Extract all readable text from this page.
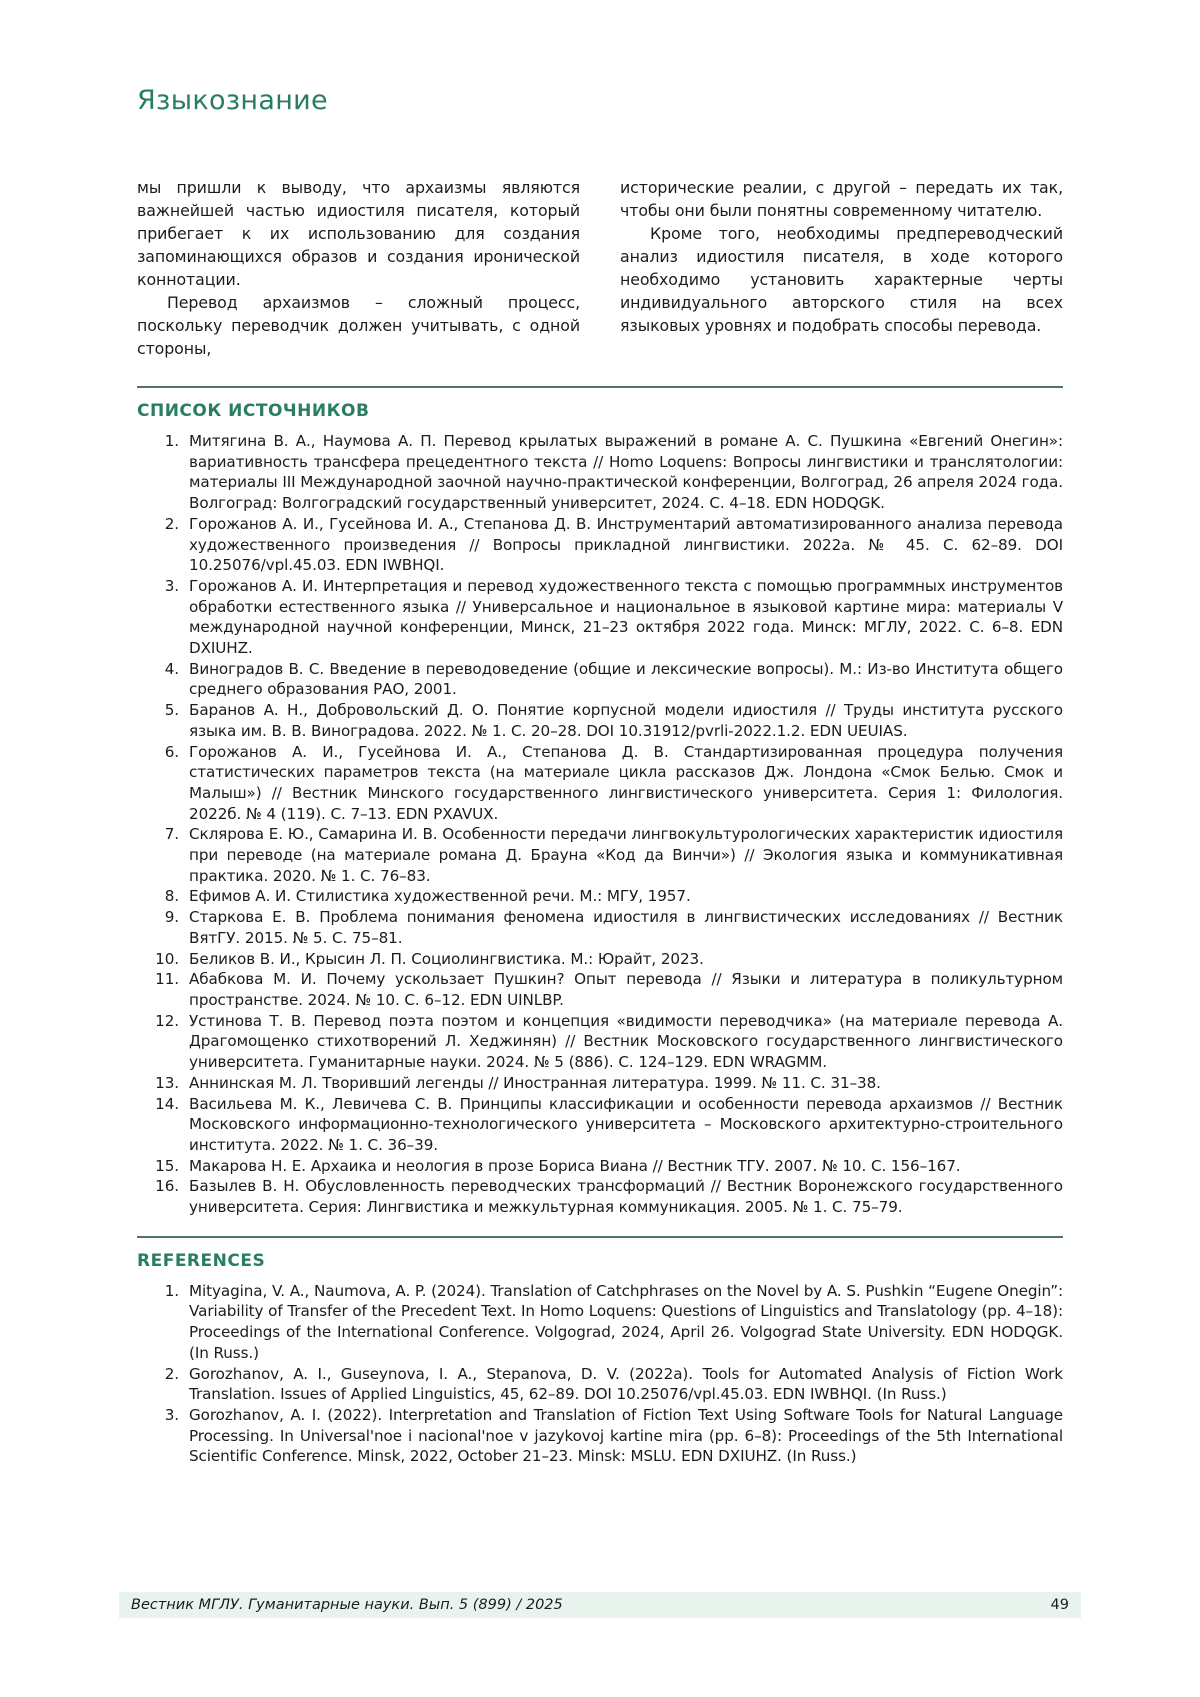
Языкознание

мы пришли к выводу, что архаизмы являются важнейшей частью идиостиля писателя, который прибегает к их использованию для создания запоминающихся образов и создания иронической коннотации.

Перевод архаизмов – сложный процесс, поскольку переводчик должен учитывать, с одной стороны,

исторические реалии, с другой – передать их так, чтобы они были понятны современному читателю.

Кроме того, необходимы предпереводческий анализ идиостиля писателя, в ходе которого необходимо установить характерные черты индивидуального авторского стиля на всех языковых уровнях и подобрать способы перевода.

СПИСОК ИСТОЧНИКОВ
Митягина В. А., Наумова А. П. Перевод крылатых выражений в романе А. С. Пушкина «Евгений Онегин»: вариативность трансфера прецедентного текста // Homo Loquens: Вопросы лингвистики и транслятологии: материалы III Международной заочной научно-практической конференции, Волгоград, 26 апреля 2024 года. Волгоград: Волгоградский государственный университет, 2024. С. 4–18. EDN HODQGK.
Горожанов А. И., Гусейнова И. А., Степанова Д. В. Инструментарий автоматизированного анализа перевода художественного произведения // Вопросы прикладной лингвистики. 2022a. № 45. С. 62–89. DOI 10.25076/vpl.45.03. EDN IWBHQI.
Горожанов А. И. Интерпретация и перевод художественного текста с помощью программных инструментов обработки естественного языка // Универсальное и национальное в языковой картине мира: материалы V международной научной конференции, Минск, 21–23 октября 2022 года. Минск: МГЛУ, 2022. С. 6–8. EDN DXIUHZ.
Виноградов В. С. Введение в переводоведение (общие и лексические вопросы). М.: Из-во Института общего среднего образования РАО, 2001.
Баранов А. Н., Добровольский Д. О. Понятие корпусной модели идиостиля // Труды института русского языка им. В. В. Виноградова. 2022. № 1. С. 20–28. DOI 10.31912/pvrli-2022.1.2. EDN UEUIAS.
Горожанов А. И., Гусейнова И. А., Степанова Д. В. Стандартизированная процедура получения статистических параметров текста (на материале цикла рассказов Дж. Лондона «Смок Белью. Смок и Малыш») // Вестник Минского государственного лингвистического университета. Серия 1: Филология. 2022б. № 4 (119). С. 7–13. EDN PXAVUX.
Склярова Е. Ю., Самарина И. В. Особенности передачи лингвокультурологических характеристик идиостиля при переводе (на материале романа Д. Брауна «Код да Винчи») // Экология языка и коммуникативная практика. 2020. № 1. С. 76–83.
Ефимов А. И. Стилистика художественной речи. М.: МГУ, 1957.
Старкова Е. В. Проблема понимания феномена идиостиля в лингвистических исследованиях // Вестник ВятГУ. 2015. № 5. С. 75–81.
Беликов В. И., Крысин Л. П. Социолингвистика. М.: Юрайт, 2023.
Абабкова М. И. Почему ускользает Пушкин? Опыт перевода // Языки и литература в поликультурном пространстве. 2024. № 10. С. 6–12. EDN UINLBP.
Устинова Т. В. Перевод поэта поэтом и концепция «видимости переводчика» (на материале перевода А. Драгомощенко стихотворений Л. Хеджинян) // Вестник Московского государственного лингвистического университета. Гуманитарные науки. 2024. № 5 (886). С. 124–129. EDN WRAGMM.
Аннинская М. Л. Творивший легенды // Иностранная литература. 1999. № 11. С. 31–38.
Васильева М. К., Левичева С. В. Принципы классификации и особенности перевода архаизмов // Вестник Московского информационно-технологического университета – Московского архитектурно-строительного института. 2022. № 1. С. 36–39.
Макарова Н. Е. Архаика и неология в прозе Бориса Виана // Вестник ТГУ. 2007. № 10. С. 156–167.
Базылев В. Н. Обусловленность переводческих трансформаций // Вестник Воронежского государственного университета. Серия: Лингвистика и межкультурная коммуникация. 2005. № 1. С. 75–79.
REFERENCES
Mityagina, V. A., Naumova, A. P. (2024). Translation of Catchphrases on the Novel by A. S. Pushkin “Eugene Onegin”: Variability of Transfer of the Precedent Text. In Homo Loquens: Questions of Linguistics and Translatology (pp. 4–18): Proceedings of the International Conference. Volgograd, 2024, April 26. Volgograd State University. EDN HODQGK. (In Russ.)
Gorozhanov, A. I., Guseynova, I. A., Stepanova, D. V. (2022a). Tools for Automated Analysis of Fiction Work Translation. Issues of Applied Linguistics, 45, 62–89. DOI 10.25076/vpl.45.03. EDN IWBHQI. (In Russ.)
Gorozhanov, A. I. (2022). Interpretation and Translation of Fiction Text Using Software Tools for Natural Language Processing. In Universal'noe i nacional'noe v jazykovoj kartine mira (pp. 6–8): Proceedings of the 5th International Scientific Conference. Minsk, 2022, October 21–23. Minsk: MSLU. EDN DXIUHZ. (In Russ.)
Вестник МГЛУ. Гуманитарные науки. Вып. 5 (899) / 2025	49
